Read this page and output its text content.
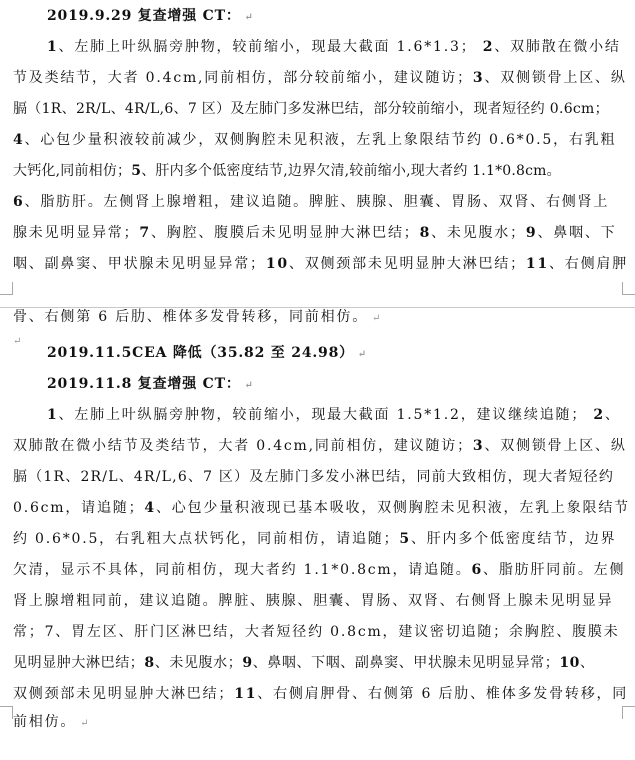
2019.9.29 复查增强 CT： ↵
1、左肺上叶纵膈旁肿物，较前缩小，现最大截面 1.6*1.3； 2、双肺散在微小结
节及类结节，大者 0.4cm,同前相仿，部分较前缩小，建议随访；3、双侧锁骨上区、纵
膈（1R、2R/L、4R/L,6、7 区）及左肺门多发淋巴结，部分较前缩小，现者短径约 0.6cm；
4、心包少量积液较前减少，双侧胸腔未见积液，左乳上象限结节约 0.6*0.5，右乳粗
大钙化,同前相仿；5、肝内多个低密度结节,边界欠清,较前缩小,现大者约 1.1*0.8cm。
6、脂肪肝。左侧肾上腺增粗，建议追随。脾脏、胰腺、胆囊、胃肠、双肾、右侧肾上
腺未见明显异常；7、胸腔、腹膜后未见明显肿大淋巴结；8、未见腹水；9、鼻咽、下
咽、副鼻窦、甲状腺未见明显异常；10、双侧颈部未见明显肿大淋巴结；11、右侧肩胛
骨、右侧第 6 后肋、椎体多发骨转移，同前相仿。 ↵
↵
2019.11.5CEA 降低（35.82 至 24.98） ↵
2019.11.8 复查增强 CT： ↵
1、左肺上叶纵膈旁肿物，较前缩小，现最大截面 1.5*1.2，建议继续追随； 2、
双肺散在微小结节及类结节，大者 0.4cm,同前相仿，建议随访；3、双侧锁骨上区、纵
膈（1R、2R/L、4R/L,6、7 区）及左肺门多发小淋巴结，同前大致相仿，现大者短径约
0.6cm，请追随；4、心包少量积液现已基本吸收，双侧胸腔未见积液，左乳上象限结节
约 0.6*0.5，右乳粗大点状钙化，同前相仿，请追随；5、肝内多个低密度结节，边界
欠清，显示不具体，同前相仿，现大者约 1.1*0.8cm，请追随。6、脂肪肝同前。左侧
肾上腺增粗同前，建议追随。脾脏、胰腺、胆囊、胃肠、双肾、右侧肾上腺未见明显异
常；7、胃左区、肝门区淋巴结，大者短径约 0.8cm，建议密切追随；余胸腔、腹膜未
见明显肿大淋巴结；8、未见腹水；9、鼻咽、下咽、副鼻窦、甲状腺未见明显异常；10、
双侧颈部未见明显肿大淋巴结；11、右侧肩胛骨、右侧第 6 后肋、椎体多发骨转移，同
前相仿。 ↵
